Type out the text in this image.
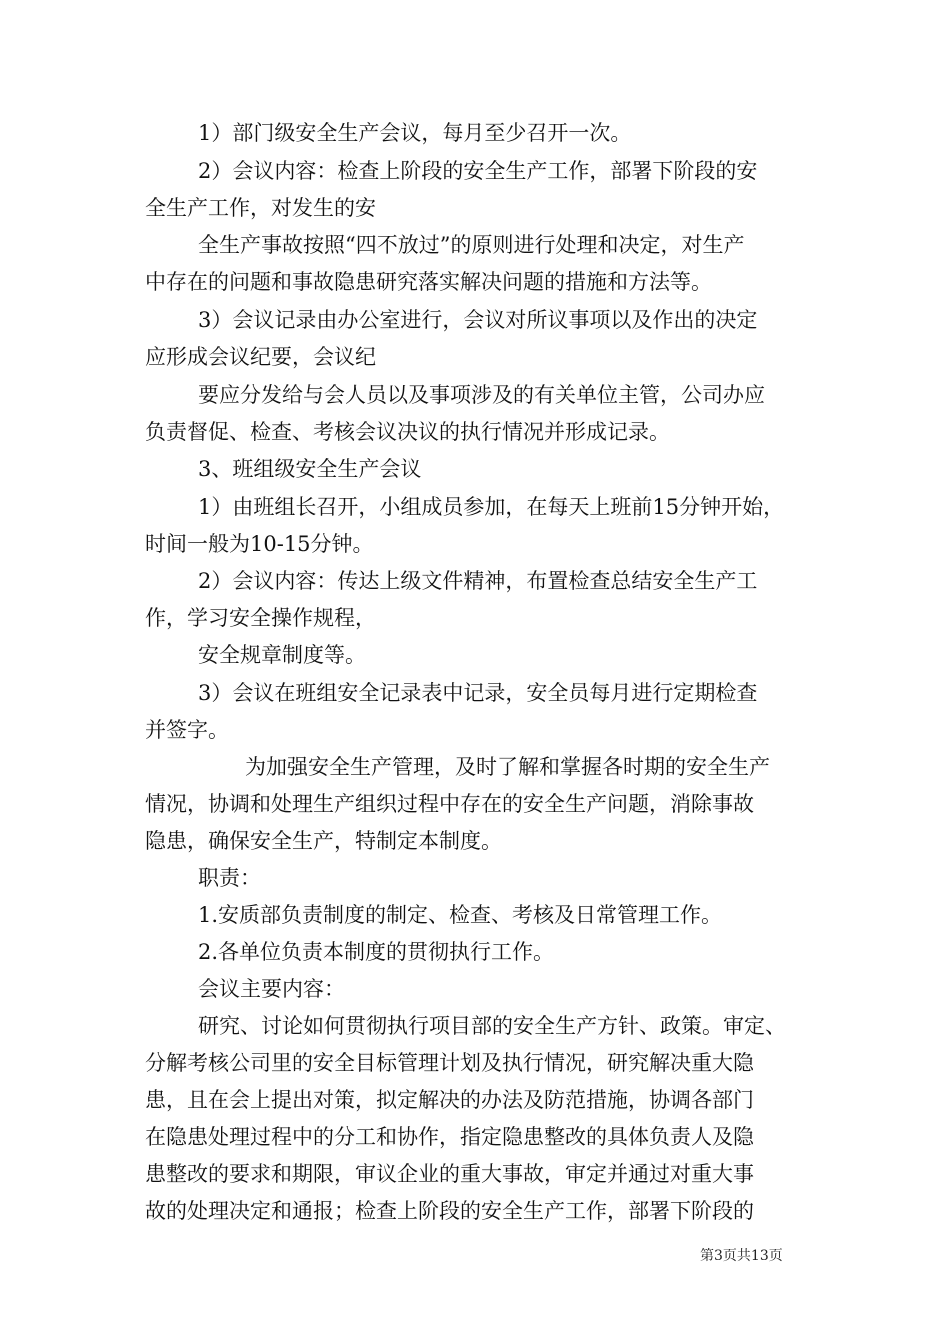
1）部门级安全生产会议，每月至少召开一次。
2）会议内容：检查上阶段的安全生产工作，部署下阶段的安
全生产工作，对发生的安
全生产事故按照“四不放过”的原则进行处理和决定，对生产
中存在的问题和事故隐患研究落实解决问题的措施和方法等。
3）会议记录由办公室进行，会议对所议事项以及作出的决定
应形成会议纪要，会议纪
要应分发给与会人员以及事项涉及的有关单位主管，公司办应
负责督促、检查、考核会议决议的执行情况并形成记录。
3、班组级安全生产会议
1）由班组长召开，小组成员参加，在每天上班前15分钟开始，
时间一般为10-15分钟。
2）会议内容：传达上级文件精神，布置检查总结安全生产工
作，学习安全操作规程，
安全规章制度等。
3）会议在班组安全记录表中记录，安全员每月进行定期检查
并签字。
为加强安全生产管理，及时了解和掌握各时期的安全生产
情况，协调和处理生产组织过程中存在的安全生产问题，消除事故
隐患，确保安全生产，特制定本制度。
职责：
1.安质部负责制度的制定、检查、考核及日常管理工作。
2.各单位负责本制度的贯彻执行工作。
会议主要内容：
研究、讨论如何贯彻执行项目部的安全生产方针、政策。审定、
分解考核公司里的安全目标管理计划及执行情况，研究解决重大隐
患，且在会上提出对策，拟定解决的办法及防范措施，协调各部门
在隐患处理过程中的分工和协作，指定隐患整改的具体负责人及隐
患整改的要求和期限，审议企业的重大事故，审定并通过对重大事
故的处理决定和通报；检查上阶段的安全生产工作，部署下阶段的
第3页共13页
